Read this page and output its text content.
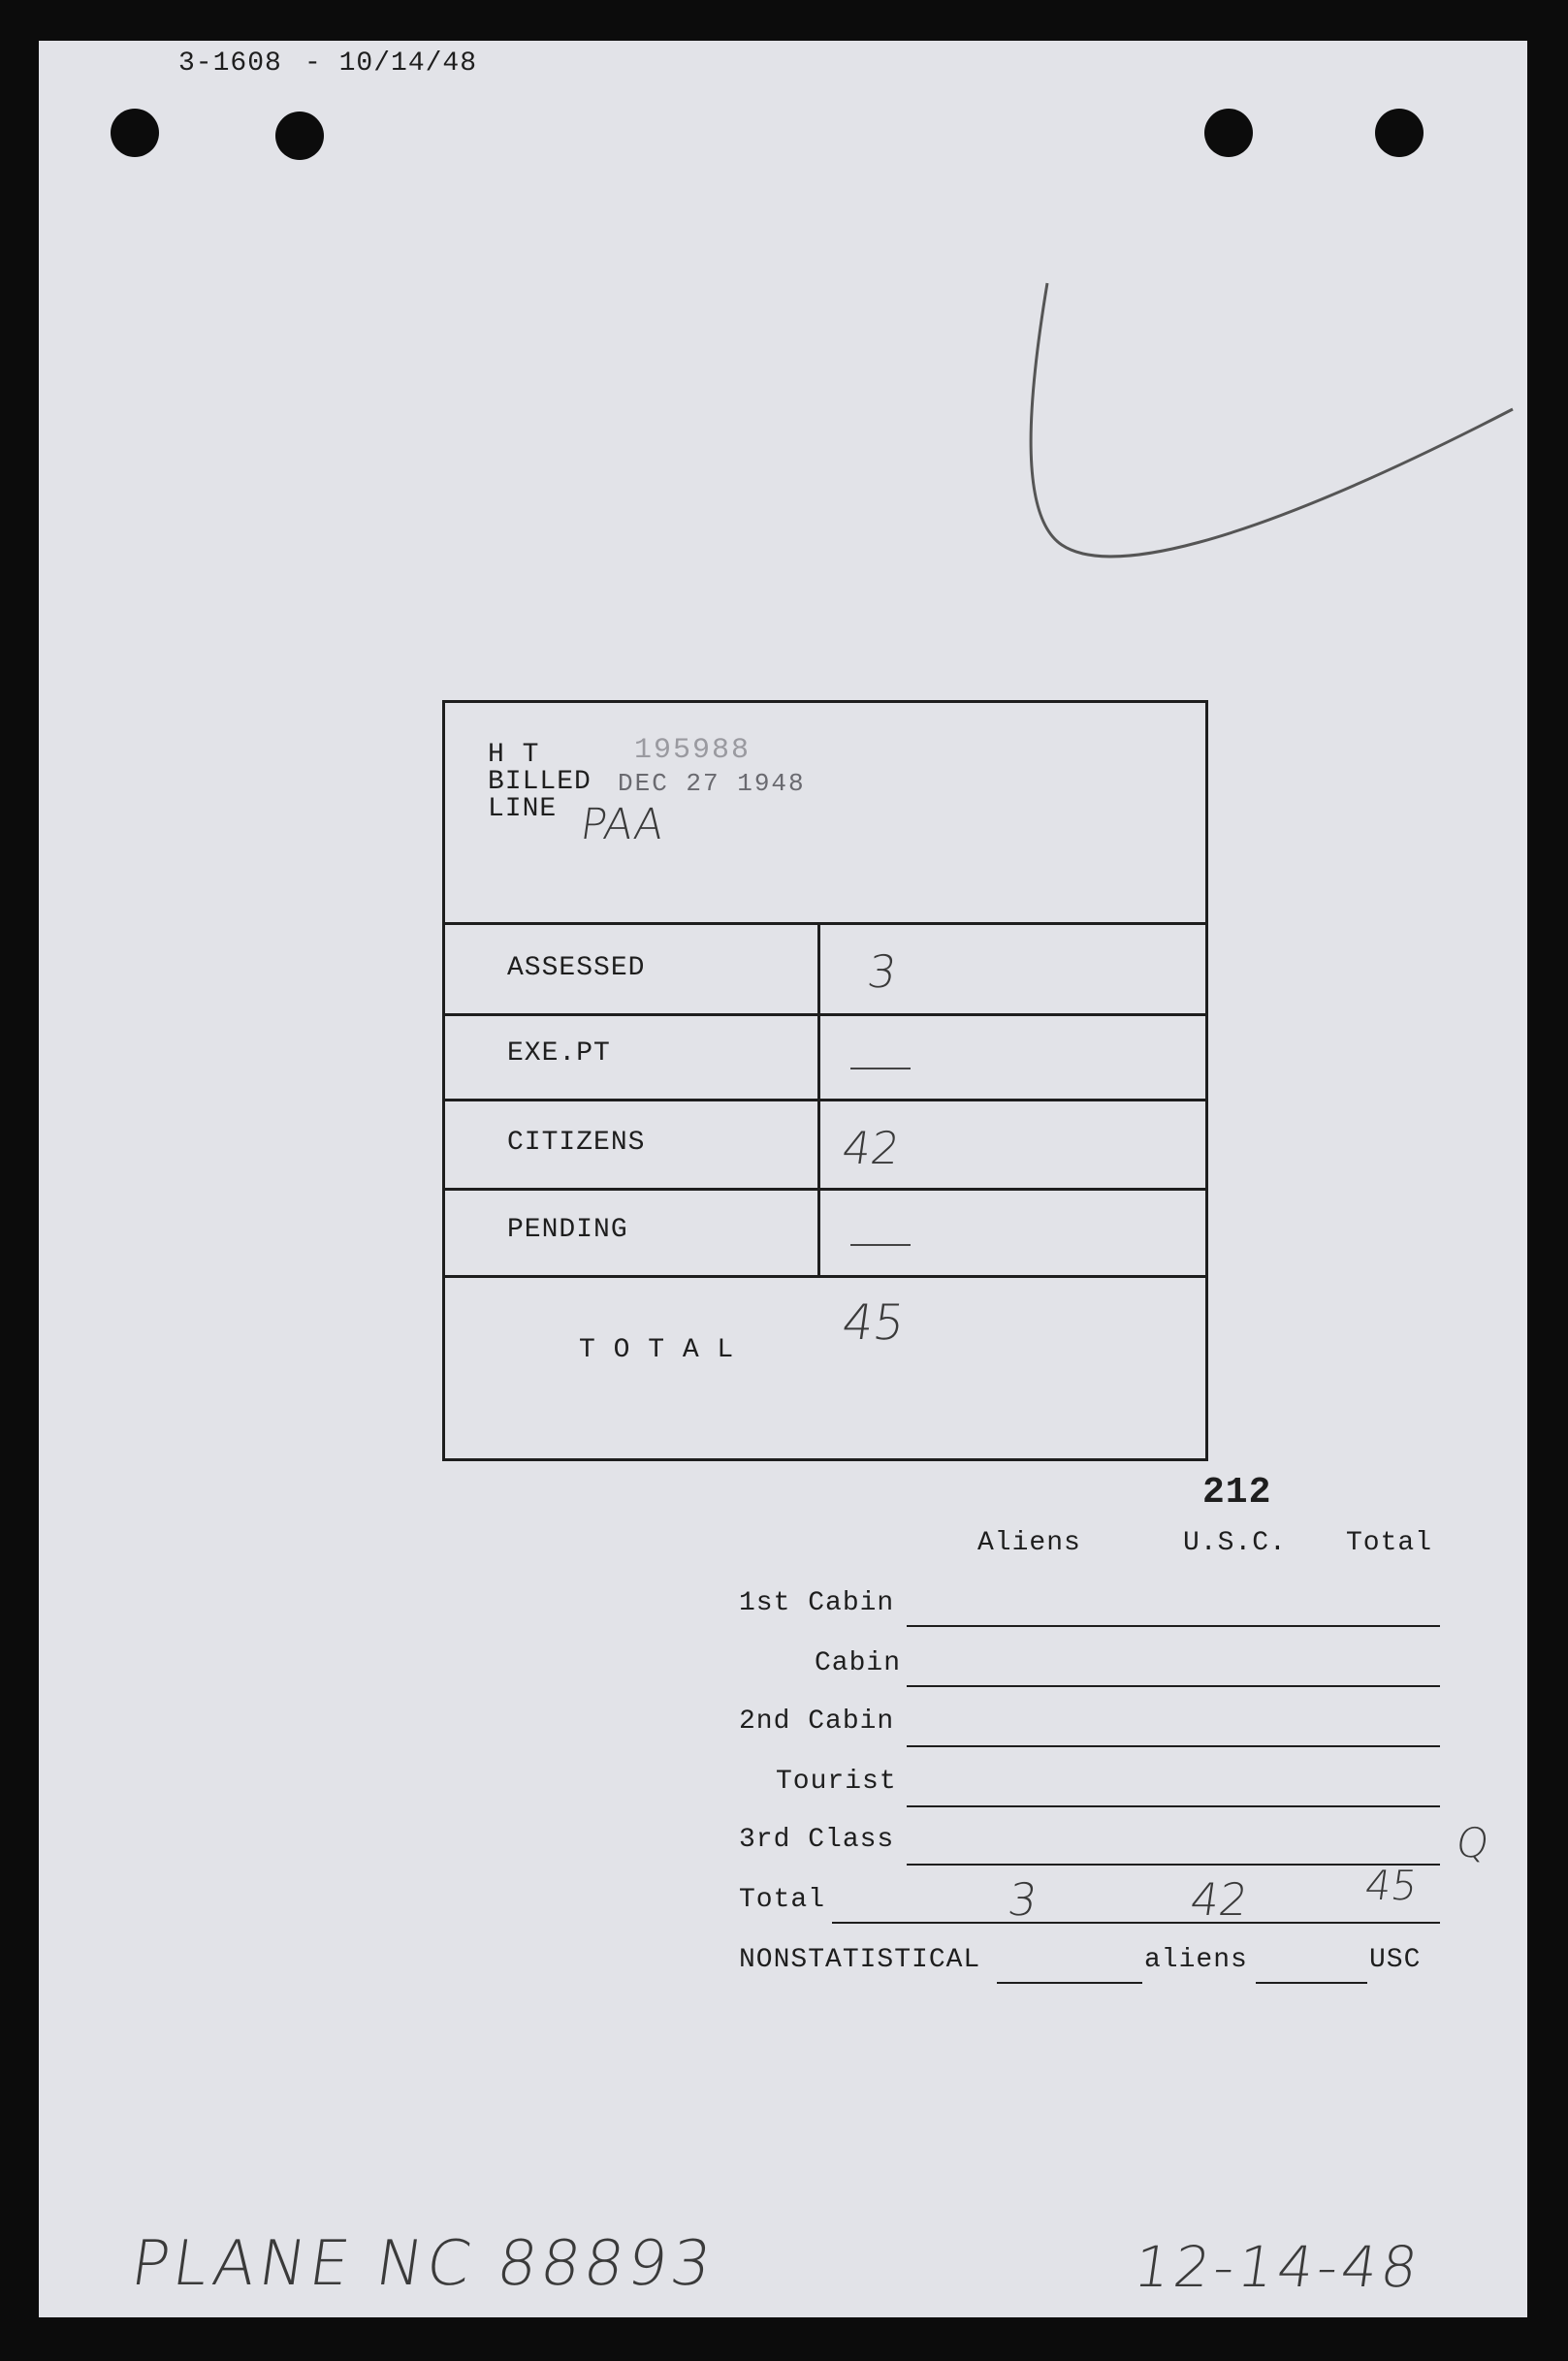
3-1608 - 10/14/48
H T
BILLED
LINE
195988
DEC 27 1948
PAA
ASSESSED	3
EXE.PT
CITIZENS	42
PENDING
T O T A L 45
212
Aliens	U.S.C. Total
1st Cabin
Cabin
2nd Cabin
Tourist
3rd Class	Q
Total	3	42	45
NONSTATISTICAL	aliens	USC
PLANE NC 88893	12-14-48
